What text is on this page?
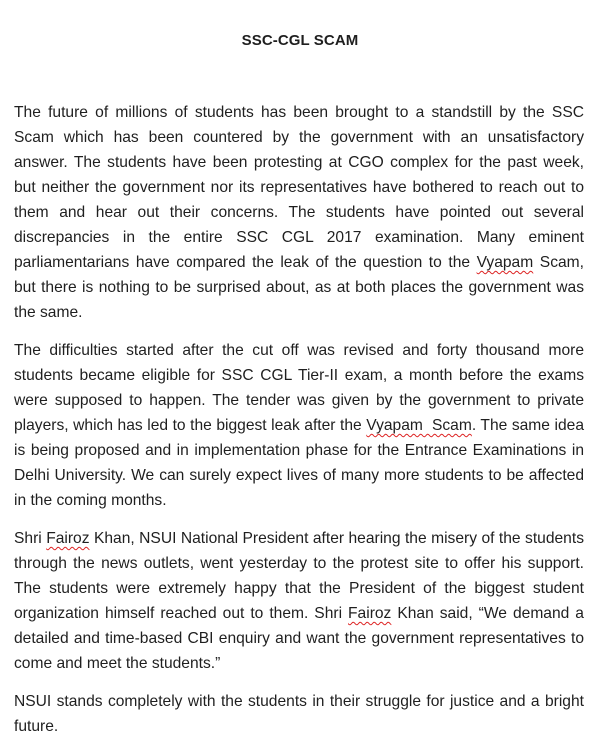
SSC-CGL SCAM

The future of millions of students has been brought to a standstill by the SSC Scam which has been countered by the government with an unsatisfactory answer. The students have been protesting at CGO complex for the past week, but neither the government nor its representatives have bothered to reach out to them and hear out their concerns. The students have pointed out several discrepancies in the entire SSC CGL 2017 examination. Many eminent parliamentarians have compared the leak of the question to the Vyapam Scam, but there is nothing to be surprised about, as at both places the government was the same.

The difficulties started after the cut off was revised and forty thousand more students became eligible for SSC CGL Tier-II exam, a month before the exams were supposed to happen. The tender was given by the government to private players, which has led to the biggest leak after the Vyapam  Scam. The same idea is being proposed and in implementation phase for the Entrance Examinations in Delhi University. We can surely expect lives of many more students to be affected in the coming months.

Shri Fairoz Khan, NSUI National President after hearing the misery of the students through the news outlets, went yesterday to the protest site to offer his support. The students were extremely happy that the President of the biggest student organization himself reached out to them. Shri Fairoz Khan said, “We demand a detailed and time-based CBI enquiry and want the government representatives to come and meet the students.”

NSUI stands completely with the students in their struggle for justice and a bright future.
